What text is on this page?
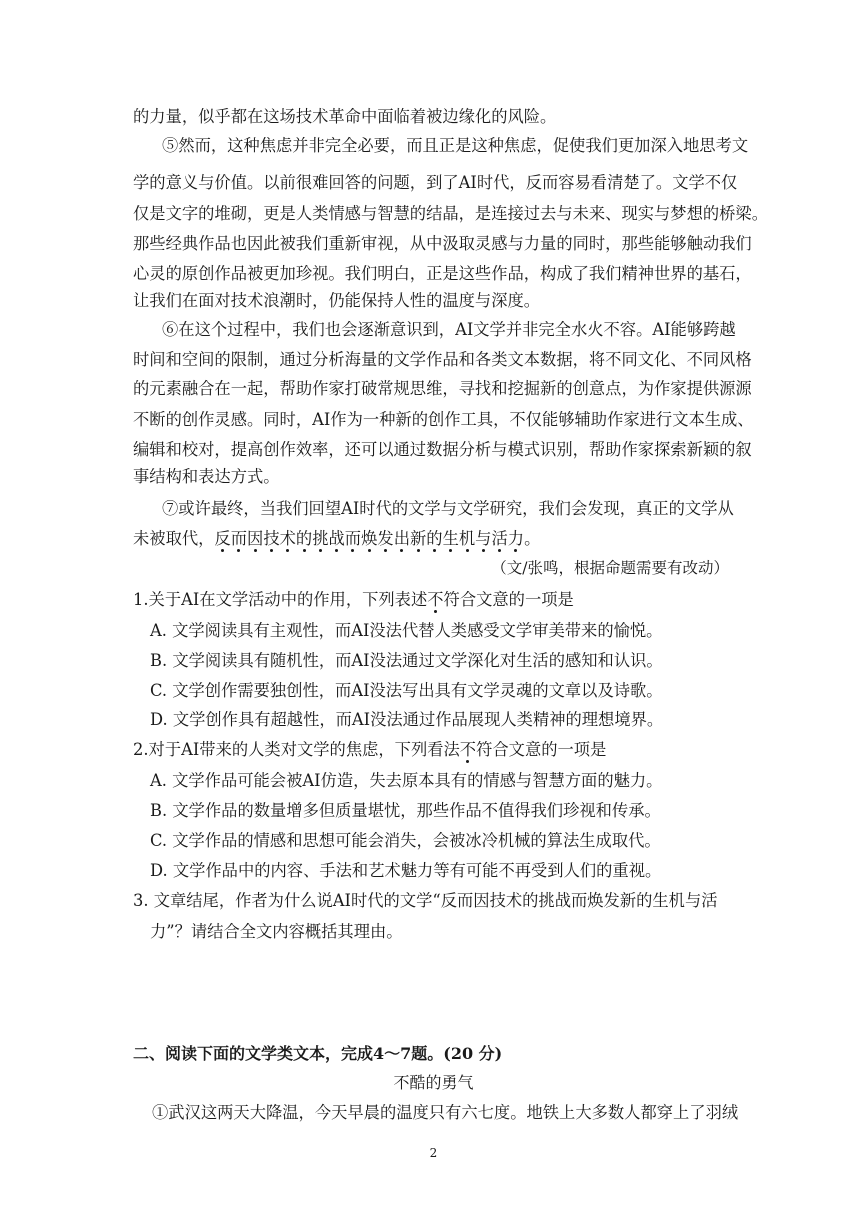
的力量，似乎都在这场技术革命中面临着被边缘化的风险。
⑤然而，这种焦虑并非完全必要，而且正是这种焦虑，促使我们更加深入地思考文
学的意义与价值。以前很难回答的问题，到了AI时代，反而容易看清楚了。文学不仅
仅是文字的堆砌，更是人类情感与智慧的结晶，是连接过去与未来、现实与梦想的桥梁。
那些经典作品也因此被我们重新审视，从中汲取灵感与力量的同时，那些能够触动我们
心灵的原创作品被更加珍视。我们明白，正是这些作品，构成了我们精神世界的基石，
让我们在面对技术浪潮时，仍能保持人性的温度与深度。
⑥在这个过程中，我们也会逐渐意识到，AI文学并非完全水火不容。AI能够跨越
时间和空间的限制，通过分析海量的文学作品和各类文本数据，将不同文化、不同风格
的元素融合在一起，帮助作家打破常规思维，寻找和挖掘新的创意点，为作家提供源源
不断的创作灵感。同时，AI作为一种新的创作工具，不仅能够辅助作家进行文本生成、
编辑和校对，提高创作效率，还可以通过数据分析与模式识别，帮助作家探索新颖的叙
事结构和表达方式。
⑦或许最终，当我们回望AI时代的文学与文学研究，我们会发现，真正的文学从
未被取代，反而因技术的挑战而焕发出新的生机与活力。
（文/张鸣，根据命题需要有改动）
1.关于AI在文学活动中的作用，下列表述不符合文意的一项是
A. 文学阅读具有主观性，而AI没法代替人类感受文学审美带来的愉悦。
B. 文学阅读具有随机性，而AI没法通过文学深化对生活的感知和认识。
C. 文学创作需要独创性，而AI没法写出具有文学灵魂的文章以及诗歌。
D. 文学创作具有超越性，而AI没法通过作品展现人类精神的理想境界。
2.对于AI带来的人类对文学的焦虑，下列看法不符合文意的一项是
A. 文学作品可能会被AI仿造，失去原本具有的情感与智慧方面的魅力。
B. 文学作品的数量增多但质量堪忧，那些作品不值得我们珍视和传承。
C. 文学作品的情感和思想可能会消失，会被冰冷机械的算法生成取代。
D. 文学作品中的内容、手法和艺术魅力等有可能不再受到人们的重视。
3. 文章结尾，作者为什么说AI时代的文学“反而因技术的挑战而焕发新的生机与活
力”？请结合全文内容概括其理由。
二、阅读下面的文学类文本，完成4～7题。(20 分)
不酷的勇气
①武汉这两天大降温，今天早晨的温度只有六七度。地铁上大多数人都穿上了羽绒
2
